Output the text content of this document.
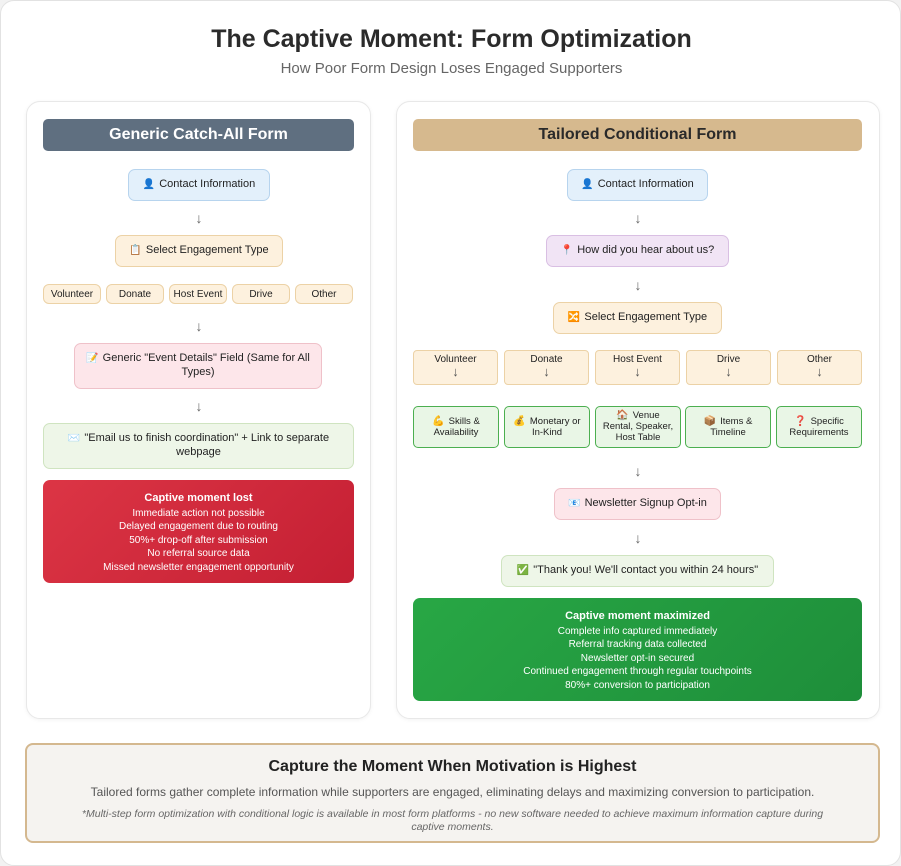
The Captive Moment: Form Optimization
How Poor Form Design Loses Engaged Supporters
Generic Catch-All Form
👤 Contact Information
↓
📋 Select Engagement Type
Volunteer	Donate	Host Event	Drive	Other
↓
📝 Generic "Event Details" Field (Same for All Types)
↓
✉️ "Email us to finish coordination" + Link to separate webpage
Captive moment lost
Immediate action not possible
Delayed engagement due to routing
50%+ drop-off after submission
No referral source data
Missed newsletter engagement opportunity
Tailored Conditional Form
👤 Contact Information
↓
📍 How did you hear about us?
↓
🔀 Select Engagement Type
Volunteer
↓
Donate
↓
Host Event
↓
Drive
↓
Other
↓
💪 Skills & Availability
💰 Monetary or In-Kind
🏠 Venue Rental, Speaker, Host Table
📦 Items & Timeline
❓ Specific Requirements
↓
📧 Newsletter Signup Opt-in
↓
✅ "Thank you! We'll contact you within 24 hours"
Captive moment maximized
Complete info captured immediately
Referral tracking data collected
Newsletter opt-in secured
Continued engagement through regular touchpoints
80%+ conversion to participation
Capture the Moment When Motivation is Highest
Tailored forms gather complete information while supporters are engaged, eliminating delays and maximizing conversion to participation.
*Multi-step form optimization with conditional logic is available in most form platforms - no new software needed to achieve maximum information capture during captive moments.
